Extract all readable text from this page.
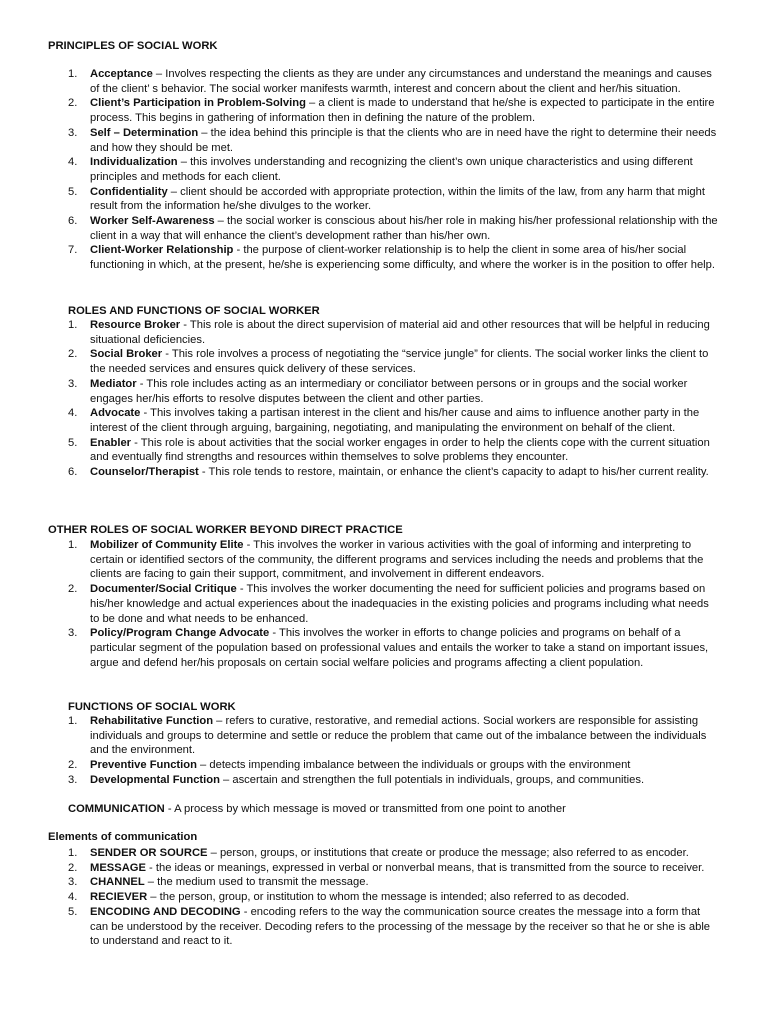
PRINCIPLES OF SOCIAL WORK
1. Acceptance – Involves respecting the clients as they are under any circumstances and understand the meanings and causes of the client’ s behavior. The social worker manifests warmth, interest and concern about the client and her/his situation.
2. Client’s Participation in Problem-Solving – a client is made to understand that he/she is expected to participate in the entire process. This begins in gathering of information then in defining the nature of the problem.
3. Self – Determination – the idea behind this principle is that the clients who are in need have the right to determine their needs and how they should be met.
4. Individualization – this involves understanding and recognizing the client’s own unique characteristics and using different principles and methods for each client.
5. Confidentiality – client should be accorded with appropriate protection, within the limits of the law, from any harm that might result from the information he/she divulges to the worker.
6. Worker Self-Awareness – the social worker is conscious about his/her role in making his/her professional relationship with the client in a way that will enhance the client’s development rather than his/her own.
7. Client-Worker Relationship - the purpose of client-worker relationship is to help the client in some area of his/her social functioning in which, at the present, he/she is experiencing some difficulty, and where the worker is in the position to offer help.
ROLES AND FUNCTIONS OF SOCIAL WORKER
1. Resource Broker - This role is about the direct supervision of material aid and other resources that will be helpful in reducing situational deficiencies.
2. Social Broker - This role involves a process of negotiating the “service jungle” for clients. The social worker links the client to the needed services and ensures quick delivery of these services.
3. Mediator - This role includes acting as an intermediary or conciliator between persons or in groups and the social worker engages her/his efforts to resolve disputes between the client and other parties.
4. Advocate - This involves taking a partisan interest in the client and his/her cause and aims to influence another party in the interest of the client through arguing, bargaining, negotiating, and manipulating the environment on behalf of the client.
5. Enabler - This role is about activities that the social worker engages in order to help the clients cope with the current situation and eventually find strengths and resources within themselves to solve problems they encounter.
6. Counselor/Therapist - This role tends to restore, maintain, or enhance the client’s capacity to adapt to his/her current reality.
OTHER ROLES OF SOCIAL WORKER BEYOND DIRECT PRACTICE
1. Mobilizer of Community Elite - This involves the worker in various activities with the goal of informing and interpreting to certain or identified sectors of the community, the different programs and services including the needs and problems that the clients are facing to gain their support, commitment, and involvement in different endeavors.
2. Documenter/Social Critique - This involves the worker documenting the need for sufficient policies and programs based on his/her knowledge and actual experiences about the inadequacies in the existing policies and programs including what needs to be done and what needs to be enhanced.
3. Policy/Program Change Advocate - This involves the worker in efforts to change policies and programs on behalf of a particular segment of the population based on professional values and entails the worker to take a stand on important issues, argue and defend her/his proposals on certain social welfare policies and programs affecting a client population.
FUNCTIONS OF SOCIAL WORK
1. Rehabilitative Function – refers to curative, restorative, and remedial actions. Social workers are responsible for assisting individuals and groups to determine and settle or reduce the problem that came out of the imbalance between the individuals and the environment.
2. Preventive Function – detects impending imbalance between the individuals or groups with the environment
3. Developmental Function – ascertain and strengthen the full potentials in individuals, groups, and communities.
COMMUNICATION - A process by which message is moved or transmitted from one point to another
Elements of communication
1. SENDER OR SOURCE – person, groups, or institutions that create or produce the message; also referred to as encoder.
2. MESSAGE - the ideas or meanings, expressed in verbal or nonverbal means, that is transmitted from the source to receiver.
3. CHANNEL – the medium used to transmit the message.
4. RECIEVER – the person, group, or institution to whom the message is intended; also referred to as decoded.
5. ENCODING AND DECODING - encoding refers to the way the communication source creates the message into a form that can be understood by the receiver. Decoding refers to the processing of the message by the receiver so that he or she is able to understand and react to it.
